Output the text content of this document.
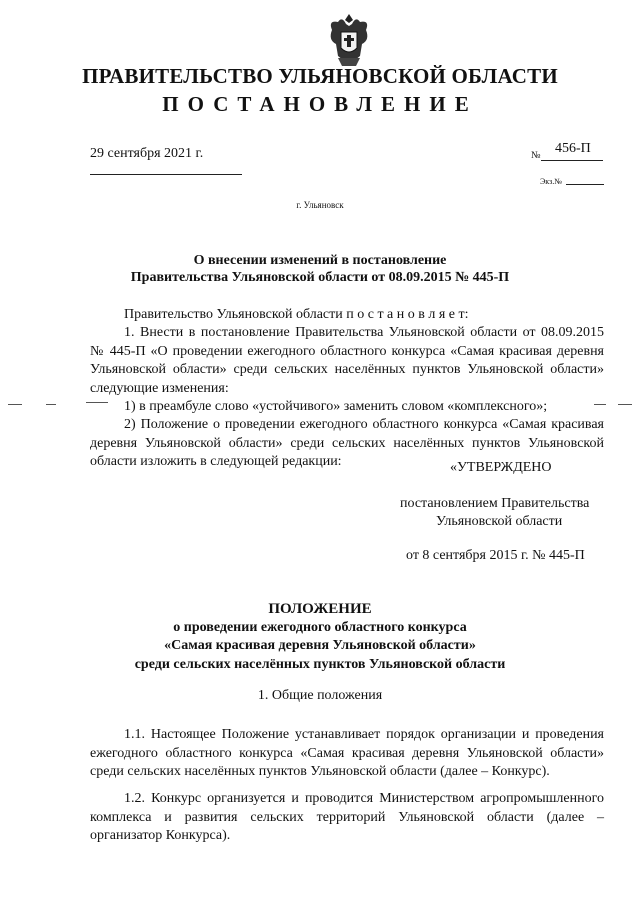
ПРАВИТЕЛЬСТВО УЛЬЯНОВСКОЙ ОБЛАСТИ
ПОСТАНОВЛЕНИЕ
29 сентября 2021 г.	№ 456-П
Экз.№
г. Ульяновск
О внесении изменений в постановление
Правительства Ульяновской области от 08.09.2015 № 445-П
Правительство Ульяновской области п о с т а н о в л я е т:
1. Внести в постановление Правительства Ульяновской области от 08.09.2015 № 445-П «О проведении ежегодного областного конкурса «Самая красивая деревня Ульяновской области» среди сельских населённых пунктов Ульяновской области» следующие изменения:
1) в преамбуле слово «устойчивого» заменить словом «комплексного»;
2) Положение о проведении ежегодного областного конкурса «Самая красивая деревня Ульяновской области» среди сельских населённых пунктов Ульяновской области изложить в следующей редакции:	«УТВЕРЖДЕНО
постановлением Правительства
Ульяновской области
от 8 сентября 2015 г. № 445-П
ПОЛОЖЕНИЕ
о проведении ежегодного областного конкурса
«Самая красивая деревня Ульяновской области»
среди сельских населённых пунктов Ульяновской области
1. Общие положения
1.1. Настоящее Положение устанавливает порядок организации и проведения ежегодного областного конкурса «Самая красивая деревня Ульяновской области» среди сельских населённых пунктов Ульяновской области (далее – Конкурс).
1.2. Конкурс организуется и проводится Министерством агропромышленного комплекса и развития сельских территорий Ульяновской области (далее – организатор Конкурса).
